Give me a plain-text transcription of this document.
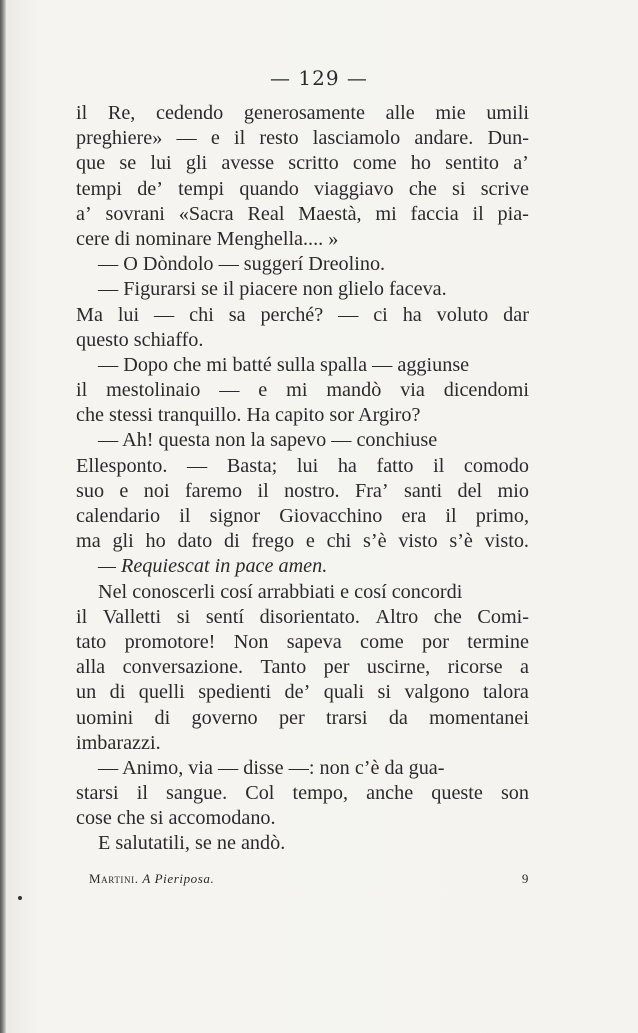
— 129 —
il Re, cedendo generosamente alle mie umili
preghiere» — e il resto lasciamolo andare. Dun-
que se lui gli avesse scritto come ho sentito a’
tempi de’ tempi quando viaggiavo che si scrive
a’ sovrani «Sacra Real Maestà, mi faccia il pia-
cere di nominare Menghella.... »
— O Dòndolo — suggerí Dreolino.
— Figurarsi se il piacere non glielo faceva.
Ma lui — chi sa perché? — ci ha voluto dar
questo schiaffo.
— Dopo che mi batté sulla spalla — aggiunse
il mestolinaio — e mi mandò via dicendomi
che stessi tranquillo. Ha capito sor Argiro?
— Ah! questa non la sapevo — conchiuse
Ellesponto. — Basta; lui ha fatto il comodo
suo e noi faremo il nostro. Fra’ santi del mio
calendario il signor Giovacchino era il primo,
ma gli ho dato di frego e chi s’è visto s’è visto.
— Requiescat in pace amen.
Nel conoscerli cosí arrabbiati e cosí concordi
il Valletti si sentí disorientato. Altro che Comi-
tato promotore! Non sapeva come por termine
alla conversazione. Tanto per uscirne, ricorse a
un di quelli spedienti de’ quali si valgono talora
uomini di governo per trarsi da momentanei
imbarazzi.
— Animo, via — disse —: non c’è da gua-
starsi il sangue. Col tempo, anche queste son
cose che si accomodano.
E salutatili, se ne andò.
Martini. A Pieriposa.	9
